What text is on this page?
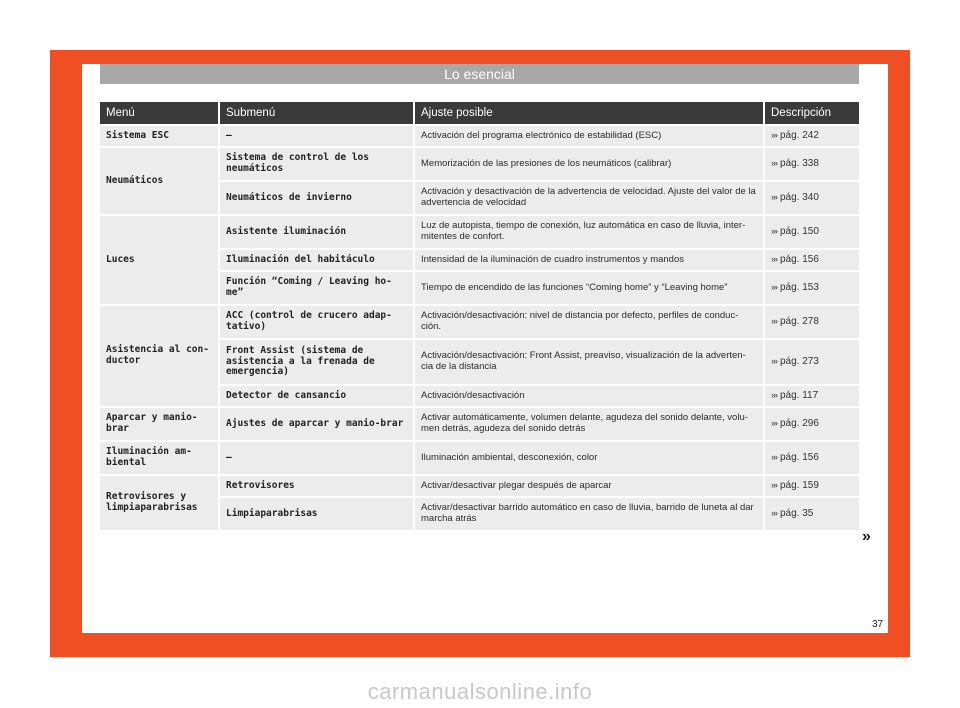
Lo esencial
Menú	Submenú	Ajuste posible	Descripción
Sistema ESC	–	Activación del programa electrónico de estabilidad (ESC)	››› pág. 242
Neumáticos	Sistema de control de los neumáticos	Memorización de las presiones de los neumáticos (calibrar)	››› pág. 338
	Neumáticos de invierno	Activación y desactivación de la advertencia de velocidad. Ajuste del valor de la advertencia de velocidad	››› pág. 340
Luces	Asistente iluminación	Luz de autopista, tiempo de conexión, luz automática en caso de lluvia, inter-mitentes de confort.	››› pág. 150
	Iluminación del habitáculo	Intensidad de la iluminación de cuadro instrumentos y mandos	››› pág. 156
	Función “Coming / Leaving ho-me”	Tiempo de encendido de las funciones “Coming home” y “Leaving home”	››› pág. 153
Asistencia al con-ductor	ACC (control de crucero adap-tativo)	Activación/desactivación: nivel de distancia por defecto, perfiles de conduc-ción.	››› pág. 278
	Front Assist (sistema de asistencia a la frenada de emergencia)	Activación/desactivación: Front Assist, preaviso, visualización de la adverten-cia de la distancia	››› pág. 273
	Detector de cansancio	Activación/desactivación	››› pág. 117
Aparcar y manio-brar	Ajustes de aparcar y manio-brar	Activar automáticamente, volumen delante, agudeza del sonido delante, volu-men detrás, agudeza del sonido detrás	››› pág. 296
Iluminación am-biental	–	Iluminación ambiental, desconexión, color	››› pág. 156
Retrovisores y limpiaparabrisas	Retrovisores	Activar/desactivar plegar después de aparcar	››› pág. 159
	Limpiaparabrisas	Activar/desactivar barrido automático en caso de lluvia, barrido de luneta al dar marcha atrás	››› pág. 35
»
37
carmanualsonline.info
